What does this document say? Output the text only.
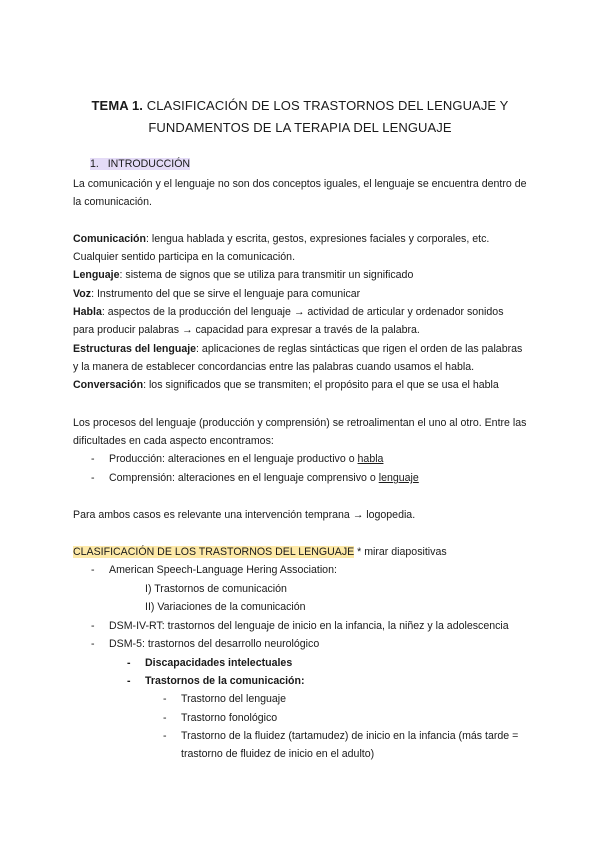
TEMA 1. CLASIFICACIÓN DE LOS TRASTORNOS DEL LENGUAJE Y
FUNDAMENTOS DE LA TERAPIA DEL LENGUAJE
1. INTRODUCCIÓN
La comunicación y el lenguaje no son dos conceptos iguales, el lenguaje se encuentra dentro de
la comunicación.
Comunicación: lengua hablada y escrita, gestos, expresiones faciales y corporales, etc.
Cualquier sentido participa en la comunicación.
Lenguaje: sistema de signos que se utiliza para transmitir un significado
Voz: Instrumento del que se sirve el lenguaje para comunicar
Habla: aspectos de la producción del lenguaje → actividad de articular y ordenador sonidos
para producir palabras → capacidad para expresar a través de la palabra.
Estructuras del lenguaje: aplicaciones de reglas sintácticas que rigen el orden de las palabras
y la manera de establecer concordancias entre las palabras cuando usamos el habla.
Conversación: los significados que se transmiten; el propósito para el que se usa el habla
Los procesos del lenguaje (producción y comprensión) se retroalimentan el uno al otro. Entre las
dificultades en cada aspecto encontramos:
- Producción: alteraciones en el lenguaje productivo o habla
- Comprensión: alteraciones en el lenguaje comprensivo o lenguaje
Para ambos casos es relevante una intervención temprana → logopedia.
CLASIFICACIÓN DE LOS TRASTORNOS DEL LENGUAJE * mirar diapositivas
- American Speech-Language Hering Association:
I) Trastornos de comunicación
II) Variaciones de la comunicación
- DSM-IV-RT: trastornos del lenguaje de inicio en la infancia, la niñez y la adolescencia
- DSM-5: trastornos del desarrollo neurológico
- Discapacidades intelectuales
- Trastornos de la comunicación:
- Trastorno del lenguaje
- Trastorno fonológico
- Trastorno de la fluidez (tartamudez) de inicio en la infancia (más tarde =
trastorno de fluidez de inicio en el adulto)
